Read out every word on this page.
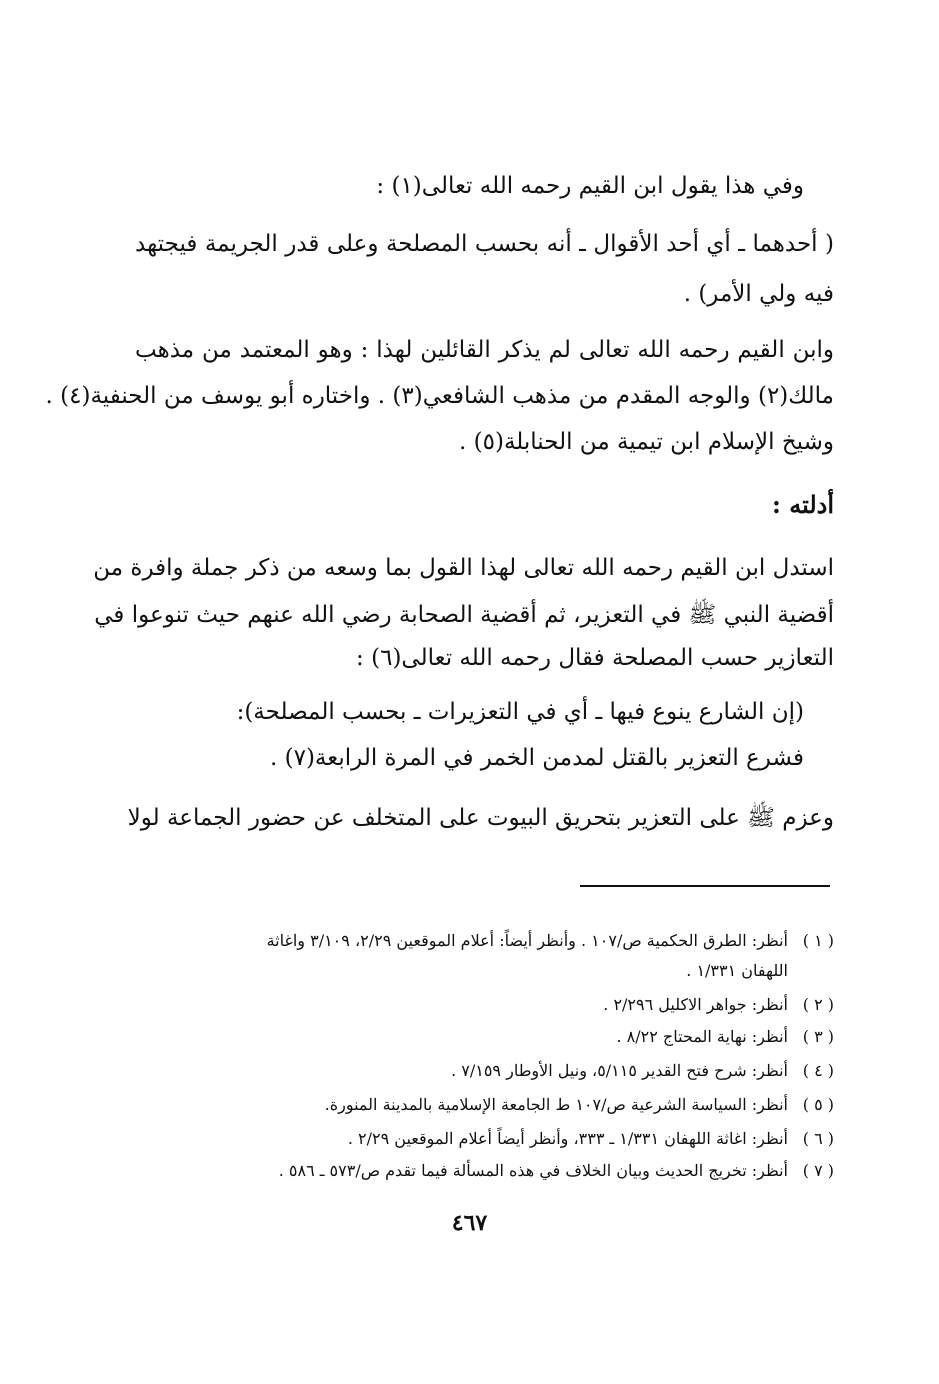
وفي هذا يقول ابن القيم رحمه الله تعالى(١) :
( أحدهما ـ أي أحد الأقوال ـ أنه بحسب المصلحة وعلى قدر الجريمة فيجتهد
فيه ولي الأمر) .
وابن القيم رحمه الله تعالى لم يذكر القائلين لهذا : وهو المعتمد من مذهب
مالك(٢) والوجه المقدم من مذهب الشافعي(٣) . واختاره أبو يوسف من الحنفية(٤) .
وشيخ الإسلام ابن تيمية من الحنابلة(٥) .
أدلته :
استدل ابن القيم رحمه الله تعالى لهذا القول بما وسعه من ذكر جملة وافرة من
أقضية النبي ﷺ في التعزير، ثم أقضية الصحابة رضي الله عنهم حيث تنوعوا في
التعازير حسب المصلحة فقال رحمه الله تعالى(٦) :
(إن الشارع ينوع فيها ـ أي في التعزيرات ـ بحسب المصلحة):
فشرع التعزير بالقتل لمدمن الخمر في المرة الرابعة(٧) .
وعزم ﷺ على التعزير بتحريق البيوت على المتخلف عن حضور الجماعة لولا
( ١ )أنظر: الطرق الحكمية ص/١٠٧ . وأنظر أيضاً: أعلام الموقعين ٢/٢٩، ٣/١٠٩ واغاثة
اللهفان ١/٣٣١ .
( ٢ )أنظر: جواهر الاكليل ٢/٢٩٦ .
( ٣ )أنظر: نهاية المحتاج ٨/٢٢ .
( ٤ )أنظر: شرح فتح القدير ٥/١١٥، ونيل الأوطار ٧/١٥٩ .
( ٥ )أنظر: السياسة الشرعية ص/١٠٧ ط الجامعة الإسلامية بالمدينة المنورة.
( ٦ )أنظر: اغاثة اللهفان ١/٣٣١ ـ ٣٣٣، وأنظر أيضاً أعلام الموقعين ٢/٢٩ .
( ٧ )أنظر: تخريج الحديث وبيان الخلاف في هذه المسألة فيما تقدم ص/٥٧٣ ـ ٥٨٦ .
٤٦٧
